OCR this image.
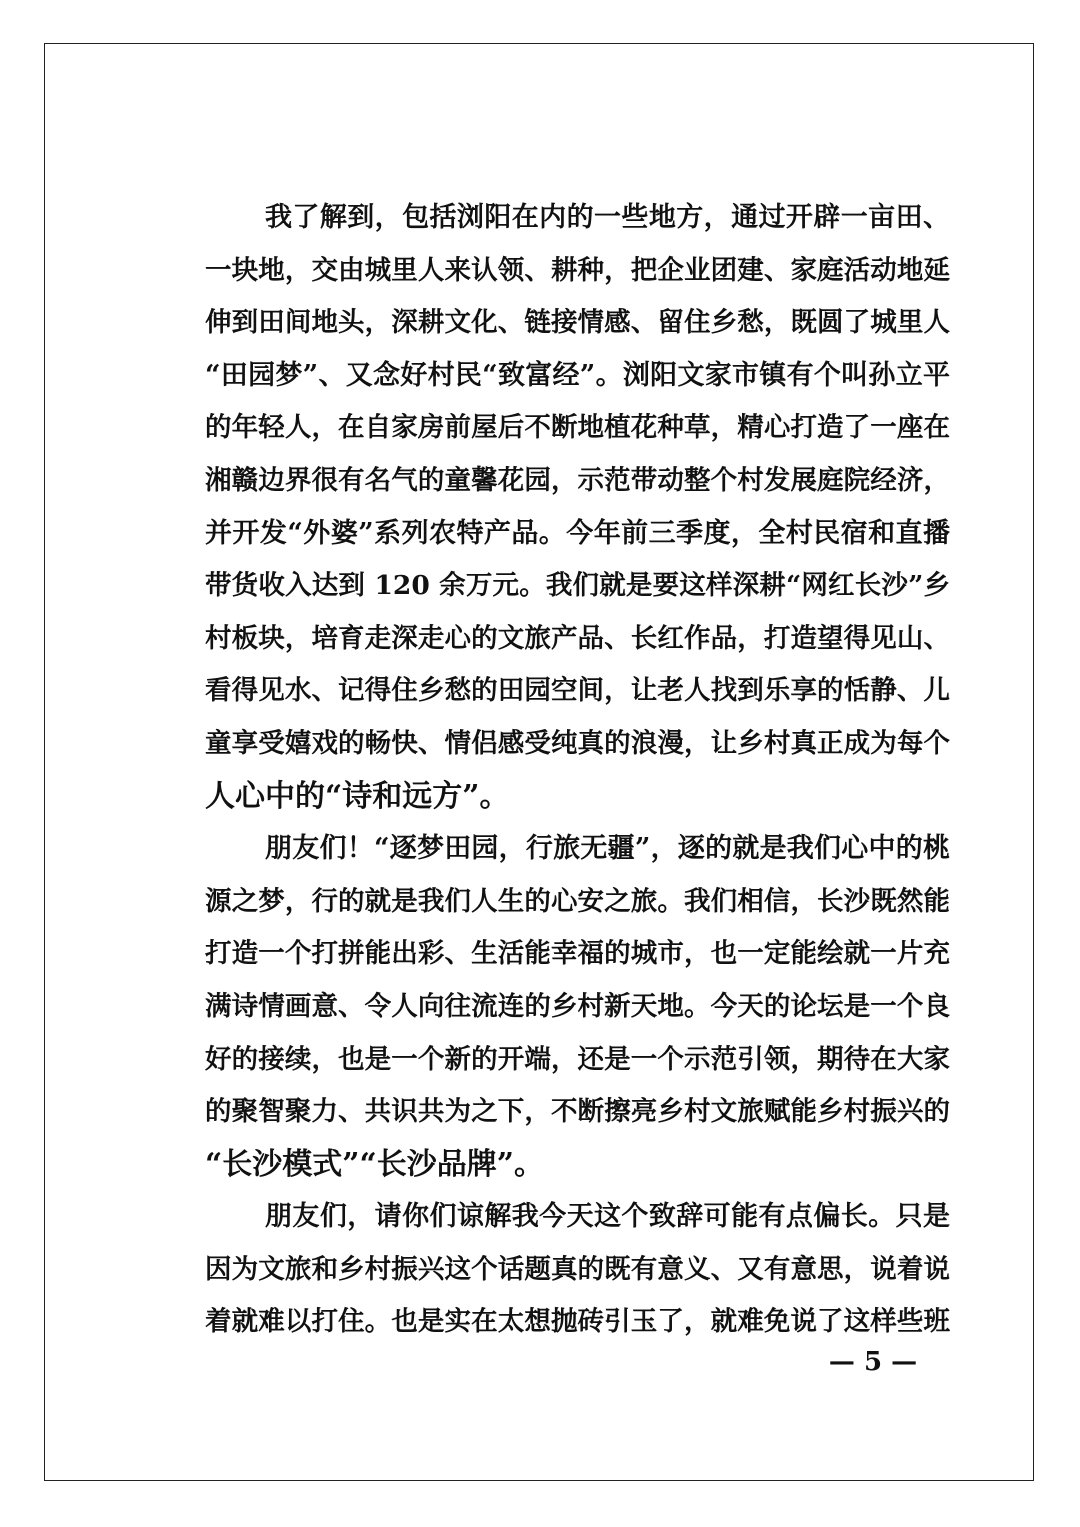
我了解到，包括浏阳在内的一些地方，通过开辟一亩田、
一块地，交由城里人来认领、耕种，把企业团建、家庭活动地延
伸到田间地头，深耕文化、链接情感、留住乡愁，既圆了城里人
“田园梦”、又念好村民“致富经”。浏阳文家市镇有个叫孙立平
的年轻人，在自家房前屋后不断地植花种草，精心打造了一座在
湘赣边界很有名气的童馨花园，示范带动整个村发展庭院经济，
并开发“外婆”系列农特产品。今年前三季度，全村民宿和直播
带货收入达到 120 余万元。我们就是要这样深耕“网红长沙”乡
村板块，培育走深走心的文旅产品、长红作品，打造望得见山、
看得见水、记得住乡愁的田园空间，让老人找到乐享的恬静、儿
童享受嬉戏的畅快、情侣感受纯真的浪漫，让乡村真正成为每个
人心中的“诗和远方”。
朋友们！“逐梦田园，行旅无疆”，逐的就是我们心中的桃
源之梦，行的就是我们人生的心安之旅。我们相信，长沙既然能
打造一个打拼能出彩、生活能幸福的城市，也一定能绘就一片充
满诗情画意、令人向往流连的乡村新天地。今天的论坛是一个良
好的接续，也是一个新的开端，还是一个示范引领，期待在大家
的聚智聚力、共识共为之下，不断擦亮乡村文旅赋能乡村振兴的
“长沙模式”“长沙品牌”。
朋友们，请你们谅解我今天这个致辞可能有点偏长。只是
因为文旅和乡村振兴这个话题真的既有意义、又有意思，说着说
着就难以打住。也是实在太想抛砖引玉了，就难免说了这样些班
— 5 —
